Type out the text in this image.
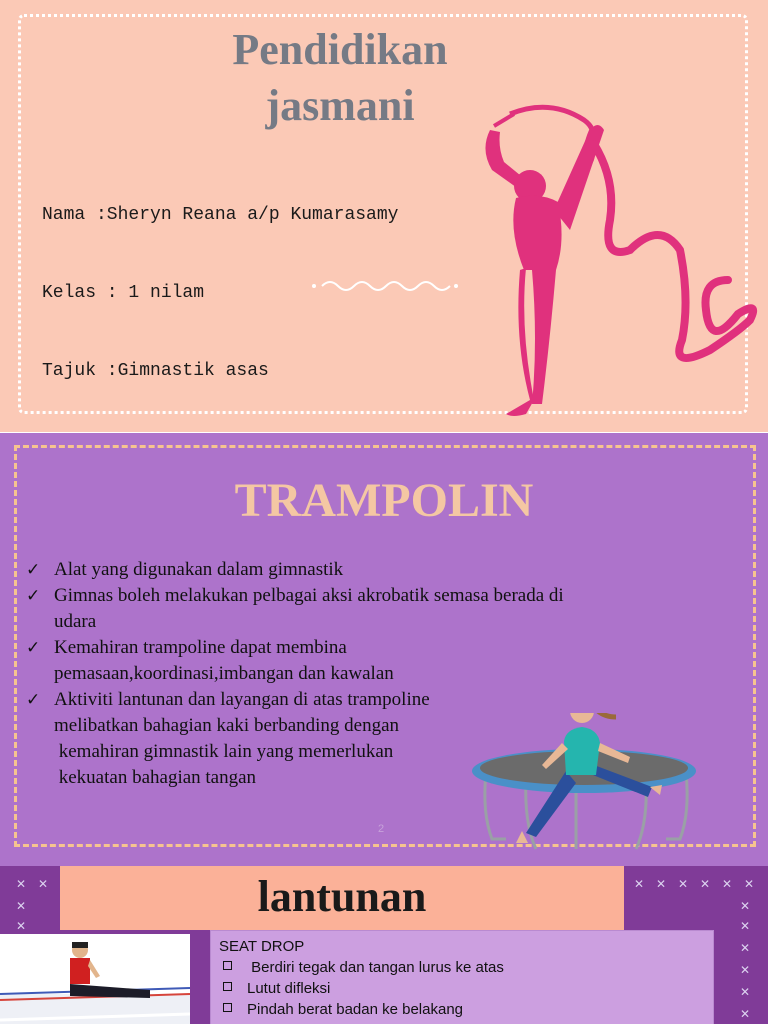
Pendidikan
jasmani

Nama :Sheryn Reana a/p Kumarasamy

Kelas : 1 nilam

Tajuk :Gimnastik asas

TRAMPOLIN
✓ Alat yang digunakan dalam gimnastik
✓ Gimnas boleh melakukan pelbagai aksi akrobatik semasa berada di
udara
✓ Kemahiran trampoline dapat membina
pemasaan,koordinasi,imbangan dan kawalan
✓ Aktiviti lantunan dan layangan di atas trampoline
melibatkan bahagian kaki berbanding dengan
kemahiran gimnastik lain yang memerlukan
kekuatan bahagian tangan
2
✕ ✕
✕
✕
✕ ✕ ✕ ✕ ✕ ✕
✕
✕
✕
✕
✕
✕
lantunan
SEAT DROP
Berdiri tegak dan tangan lurus ke atas
Lutut difleksi
Pindah berat badan ke belakang
